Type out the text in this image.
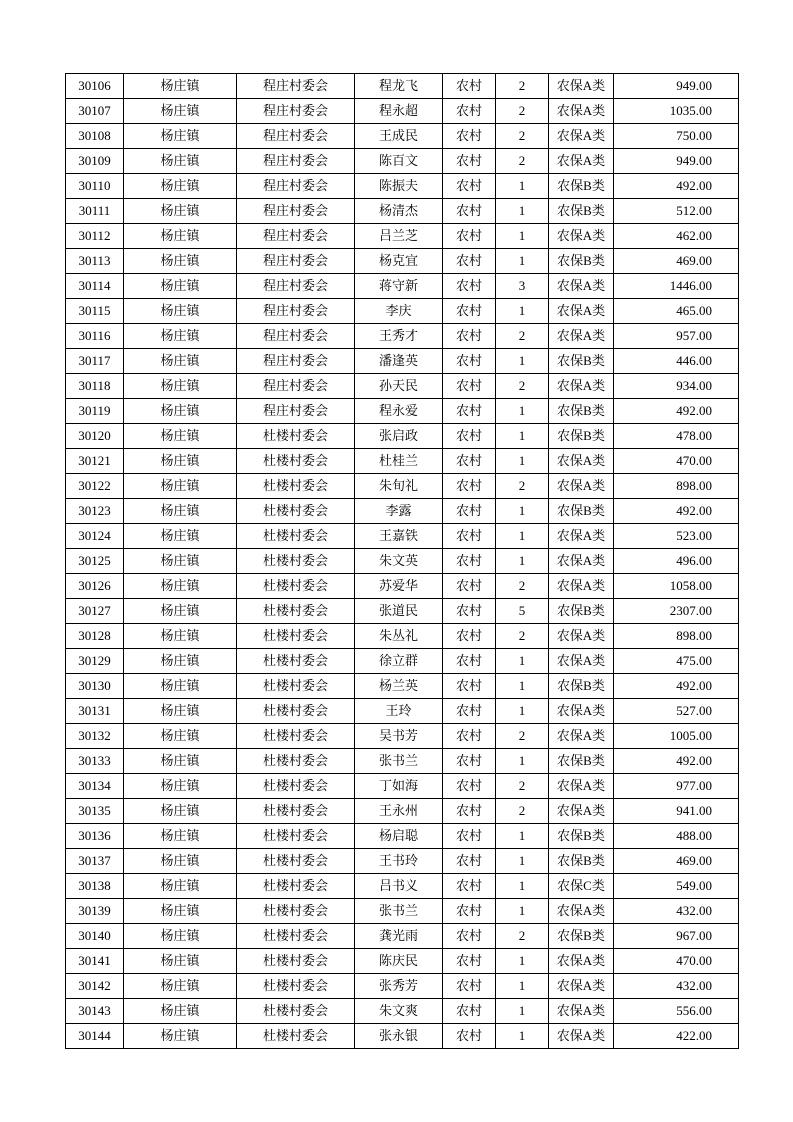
30106	杨庄镇	程庄村委会	程龙飞	农村	2	农保A类	949.00
30107	杨庄镇	程庄村委会	程永超	农村	2	农保A类	1035.00
30108	杨庄镇	程庄村委会	王成民	农村	2	农保A类	750.00
30109	杨庄镇	程庄村委会	陈百文	农村	2	农保A类	949.00
30110	杨庄镇	程庄村委会	陈振夫	农村	1	农保B类	492.00
30111	杨庄镇	程庄村委会	杨清杰	农村	1	农保B类	512.00
30112	杨庄镇	程庄村委会	吕兰芝	农村	1	农保A类	462.00
30113	杨庄镇	程庄村委会	杨克宜	农村	1	农保B类	469.00
30114	杨庄镇	程庄村委会	蒋守新	农村	3	农保A类	1446.00
30115	杨庄镇	程庄村委会	李庆	农村	1	农保A类	465.00
30116	杨庄镇	程庄村委会	王秀才	农村	2	农保A类	957.00
30117	杨庄镇	程庄村委会	潘逢英	农村	1	农保B类	446.00
30118	杨庄镇	程庄村委会	孙天民	农村	2	农保A类	934.00
30119	杨庄镇	程庄村委会	程永爱	农村	1	农保B类	492.00
30120	杨庄镇	杜楼村委会	张启政	农村	1	农保B类	478.00
30121	杨庄镇	杜楼村委会	杜桂兰	农村	1	农保A类	470.00
30122	杨庄镇	杜楼村委会	朱旬礼	农村	2	农保A类	898.00
30123	杨庄镇	杜楼村委会	李露	农村	1	农保B类	492.00
30124	杨庄镇	杜楼村委会	王嘉铁	农村	1	农保A类	523.00
30125	杨庄镇	杜楼村委会	朱文英	农村	1	农保A类	496.00
30126	杨庄镇	杜楼村委会	苏爱华	农村	2	农保A类	1058.00
30127	杨庄镇	杜楼村委会	张道民	农村	5	农保B类	2307.00
30128	杨庄镇	杜楼村委会	朱丛礼	农村	2	农保A类	898.00
30129	杨庄镇	杜楼村委会	徐立群	农村	1	农保A类	475.00
30130	杨庄镇	杜楼村委会	杨兰英	农村	1	农保B类	492.00
30131	杨庄镇	杜楼村委会	王玲	农村	1	农保A类	527.00
30132	杨庄镇	杜楼村委会	吴书芳	农村	2	农保A类	1005.00
30133	杨庄镇	杜楼村委会	张书兰	农村	1	农保B类	492.00
30134	杨庄镇	杜楼村委会	丁如海	农村	2	农保A类	977.00
30135	杨庄镇	杜楼村委会	王永州	农村	2	农保A类	941.00
30136	杨庄镇	杜楼村委会	杨启聪	农村	1	农保B类	488.00
30137	杨庄镇	杜楼村委会	王书玲	农村	1	农保B类	469.00
30138	杨庄镇	杜楼村委会	吕书义	农村	1	农保C类	549.00
30139	杨庄镇	杜楼村委会	张书兰	农村	1	农保A类	432.00
30140	杨庄镇	杜楼村委会	龚光雨	农村	2	农保B类	967.00
30141	杨庄镇	杜楼村委会	陈庆民	农村	1	农保A类	470.00
30142	杨庄镇	杜楼村委会	张秀芳	农村	1	农保A类	432.00
30143	杨庄镇	杜楼村委会	朱文爽	农村	1	农保A类	556.00
30144	杨庄镇	杜楼村委会	张永银	农村	1	农保A类	422.00
